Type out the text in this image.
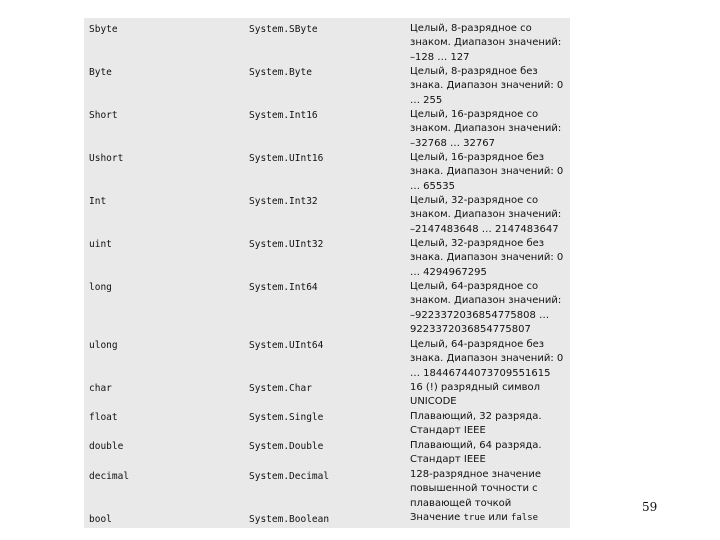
Sbyte
Byte
Short
Ushort
Int
uint
long
ulong
char
float
double
decimal
bool
System.SByte
System.Byte
System.Int16
System.UInt16
System.Int32
System.UInt32
System.Int64
System.UInt64
System.Char
System.Single
System.Double
System.Decimal
System.Boolean
Целый, 8-разрядное со знаком. Диапазон значений: –128 … 127
Целый, 8-разрядное без знака. Диапазон значений: 0 … 255
Целый, 16-разрядное со знаком. Диапазон значений: –32768 … 32767
Целый, 16-разрядное без знака. Диапазон значений: 0 … 65535
Целый, 32-разрядное со знаком. Диапазон значений: –2147483648 … 2147483647
Целый, 32-разрядное без знака. Диапазон значений: 0 … 4294967295
Целый, 64-разрядное со знаком. Диапазон значений: –9223372036854775808 … 9223372036854775807
Целый, 64-разрядное без знака. Диапазон значений: 0 … 18446744073709551615
16 (!) разрядный символ UNICODE
Плавающий, 32 разряда. Стандарт IEEE
Плавающий, 64 разряда. Стандарт IEEE
128-разрядное значение повышенной точности с плавающей точкой
Значение true или false
59
